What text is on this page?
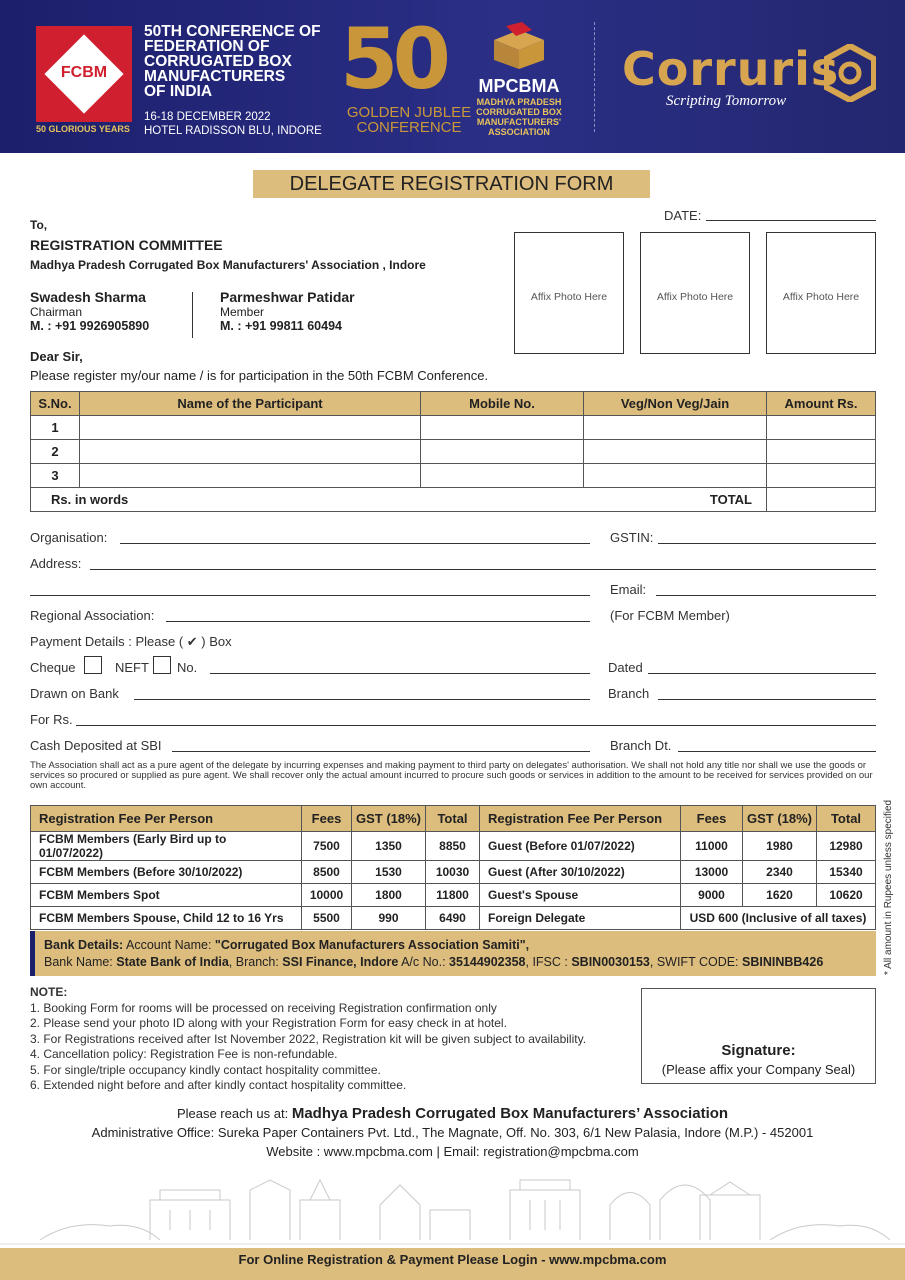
FCBM
50 GLORIOUS YEARS
50TH CONFERENCE OF
FEDERATION OF
CORRUGATED BOX
MANUFACTURERS
OF INDIA
16-18 DECEMBER 2022
HOTEL RADISSON BLU, INDORE
50
GOLDEN JUBLEE
CONFERENCE
MPCBMA
MADHYA PRADESH CORRUGATED BOX MANUFACTURERS' ASSOCIATION
Corruris
Scripting Tomorrow
DELEGATE REGISTRATION FORM
DATE:
To,
REGISTRATION COMMITTEE
Madhya Pradesh Corrugated Box Manufacturers' Association , Indore
Swadesh Sharma
Chairman
M. : +91 9926905890
Parmeshwar Patidar
Member
M. : +91 99811 60494
Affix Photo Here	Affix Photo Here	Affix Photo Here
Dear Sir,
Please register my/our name / is for participation in the 50th FCBM Conference.
S.No.	Name of the Participant	Mobile No.	Veg/Non Veg/Jain	Amount Rs.
1				
2				
3				

Rs. in words TOTAL				

Organisation:	GSTIN:
Address:
Email:
Regional Association:	(For FCBM Member)
Payment Details : Please ( ✔ ) Box
Cheque	NEFT No.	Dated
Drawn on Bank	Branch
For Rs.
Cash Deposited at SBI	Branch Dt.
The Association shall act as a pure agent of the delegate by incurring expenses and making payment to third party on delegates' authorisation. We shall not hold any title nor shall we use the goods or services so procured or supplied as pure agent. We shall recover only the actual amount incurred to procure such goods or services in addition to the amount to be received for services provided on our own account.
Registration Fee Per Person	Fees	GST (18%)	Total	Registration Fee Per Person	Fees	GST (18%)	Total
FCBM Members (Early Bird up to 01/07/2022)	7500	1350	8850	Guest (Before 01/07/2022)	11000	1980	12980
FCBM Members (Before 30/10/2022)	8500	1530	10030	Guest (After 30/10/2022)	13000	2340	15340
FCBM Members Spot	10000	1800	11800	Guest's Spouse	9000	1620	10620
FCBM Members Spouse, Child 12 to 16 Yrs	5500	990	6490	Foreign Delegate	USD 600 (Inclusive of all taxes)		* All amount in Rupees unless specified
Bank Details: Account Name: "Corrugated Box Manufacturers Association Samiti",
Bank Name: State Bank of India, Branch: SSI Finance, Indore A/c No.: 35144902358, IFSC : SBIN0030153, SWIFT CODE: SBININBB426
NOTE:
1. Booking Form for rooms will be processed on receiving Registration confirmation only
2. Please send your photo ID along with your Registration Form for easy check in at hotel.
3. For Registrations received after Ist November 2022, Registration kit will be given subject to availability.
4. Cancellation policy: Registration Fee is non-refundable.
5. For single/triple occupancy kindly contact hospitality committee.
6. Extended night before and after kindly contact hospitality committee.
Signature:
(Please affix your Company Seal)
Please reach us at: Madhya Pradesh Corrugated Box Manufacturers’ Association
Administrative Office: Sureka Paper Containers Pvt. Ltd., The Magnate, Off. No. 303, 6/1 New Palasia, Indore (M.P.) - 452001
Website : www.mpcbma.com | Email: registration@mpcbma.com
For Online Registration & Payment Please Login - www.mpcbma.com
